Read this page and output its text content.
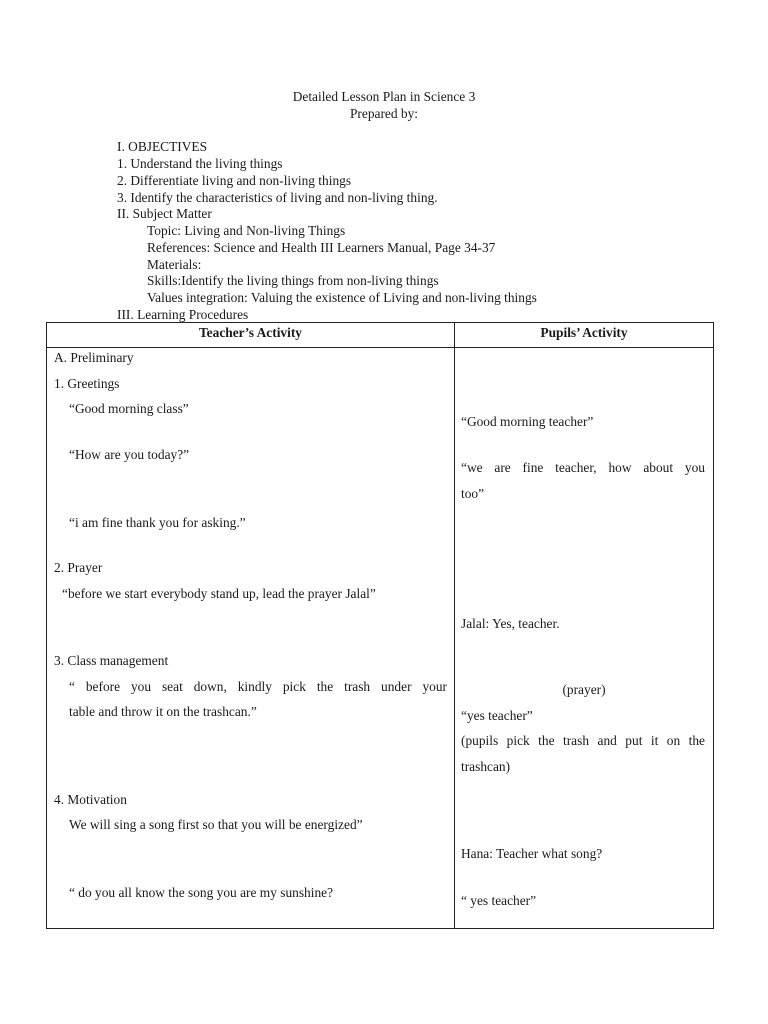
Detailed Lesson Plan in Science 3
Prepared by:
I. OBJECTIVES
1. Understand the living things
2. Differentiate living and non-living things
3. Identify the characteristics of living and non-living thing.
II. Subject Matter
Topic: Living and Non-living Things
References: Science and Health III Learners Manual, Page 34-37
Materials:
Skills:Identify the living things from non-living things
Values integration: Valuing the existence of Living and non-living things
III. Learning Procedures
Teacher’s Activity	Pupils’ Activity
A. Preliminary
1. Greetings
“Good morning class”
“How are you today?”
“i am fine thank you for asking.”
2. Prayer
“before we start everybody stand up, lead the prayer Jalal”
3. Class management
“ before you seat down, kindly pick the trash under your
table and throw it on the trashcan.”
4. Motivation
We will sing a song first so that you will be energized”
“ do you all know the song you are my sunshine?
“Good morning teacher”
“we are fine teacher, how about you
too”
Jalal: Yes, teacher.
(prayer)
“yes teacher”
(pupils pick the trash and put it on the
trashcan)
Hana: Teacher what song?
“ yes teacher”
